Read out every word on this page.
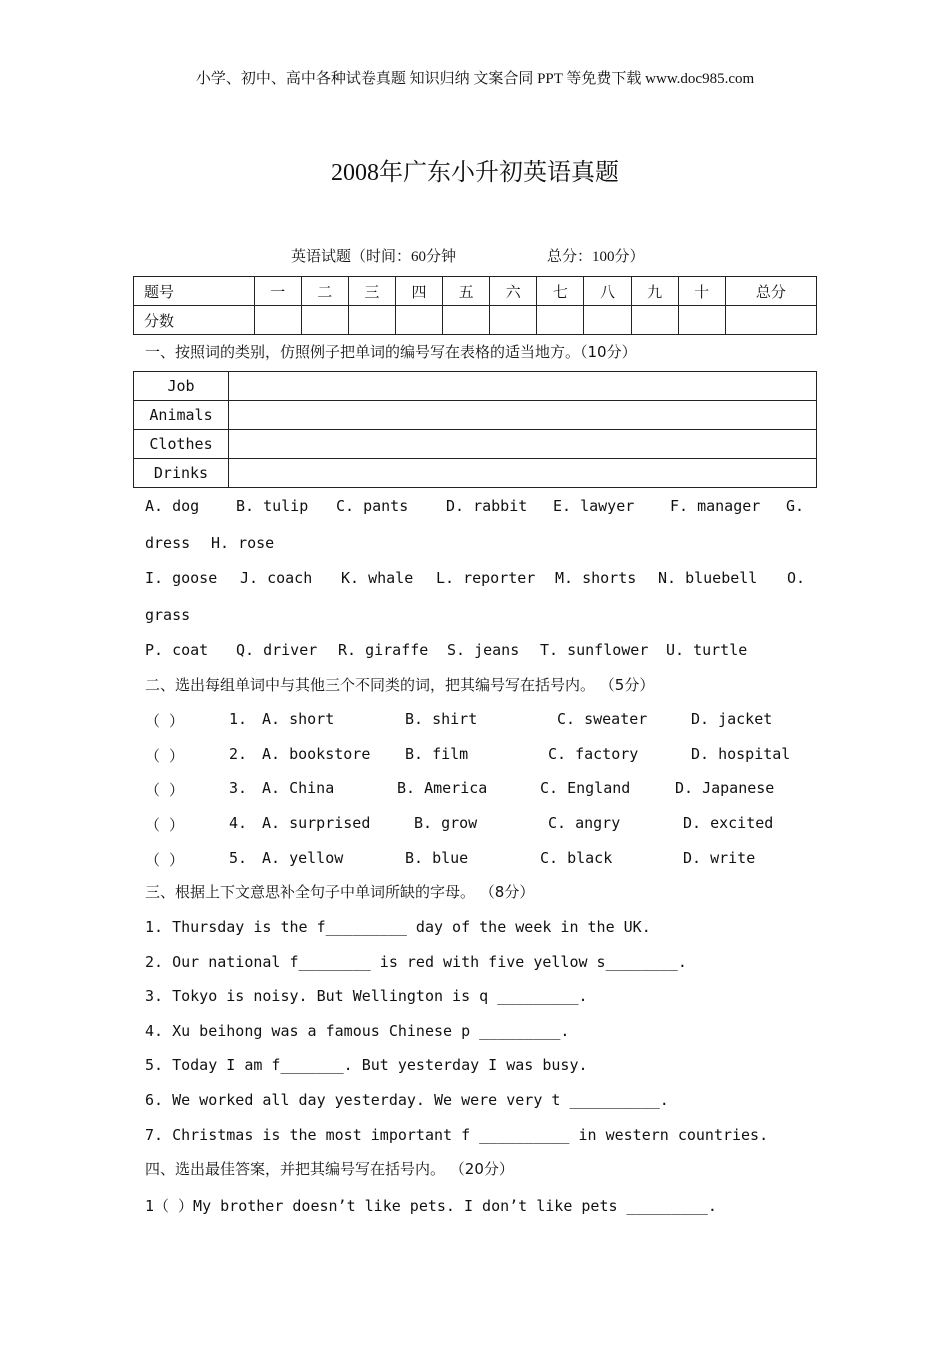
小学、初中、高中各种试卷真题 知识归纳 文案合同 PPT 等免费下载 www.doc985.com
2008年广东小升初英语真题
英语试题（时间：60分钟	总分：100分）
题号	一	二	三	四	五	六	七	八	九	十	总分
分数											
一、按照词的类别，仿照例子把单词的编号写在表格的适当地方。（10分）
Job	
Animals	
Clothes	
Drinks	
A. dog B. tulip C. pants	D. rabbit E. lawyer F. manager G.
dress H. rose
I. goose J. coach K. whale L. reporter M. shorts N. bluebell O.
grass
P. coat Q. driver R. giraffe S. jeans T. sunflower U. turtle
二、选出每组单词中与其他三个不同类的词，把其编号写在括号内。 （5分）
（ ）	1. A. short	B. shirt	C. sweater	D. jacket
（ ）	2. A. bookstore B. film	C. factory	D. hospital
（ ）	3. A. China	B. America	C. England	D. Japanese
（ ）	4. A. surprised	B. grow	C. angry	D. excited
（ ）	5. A. yellow	B. blue	C. black	D. write
三、根据上下文意思补全句子中单词所缺的字母。 （8分）
1. Thursday is the f_________ day of the week in the UK.
2. Our national f________ is red with five yellow s________.
3. Tokyo is noisy. But Wellington is q _________.
4. Xu beihong was a famous Chinese p _________.
5. Today I am f_______. But yesterday I was busy.
6. We worked all day yesterday. We were very t __________.
7. Christmas is the most important f __________ in western countries.
四、选出最佳答案，并把其编号写在括号内。 （20分）
1（ ）My brother doesn’t like pets. I don’t like pets _________.
